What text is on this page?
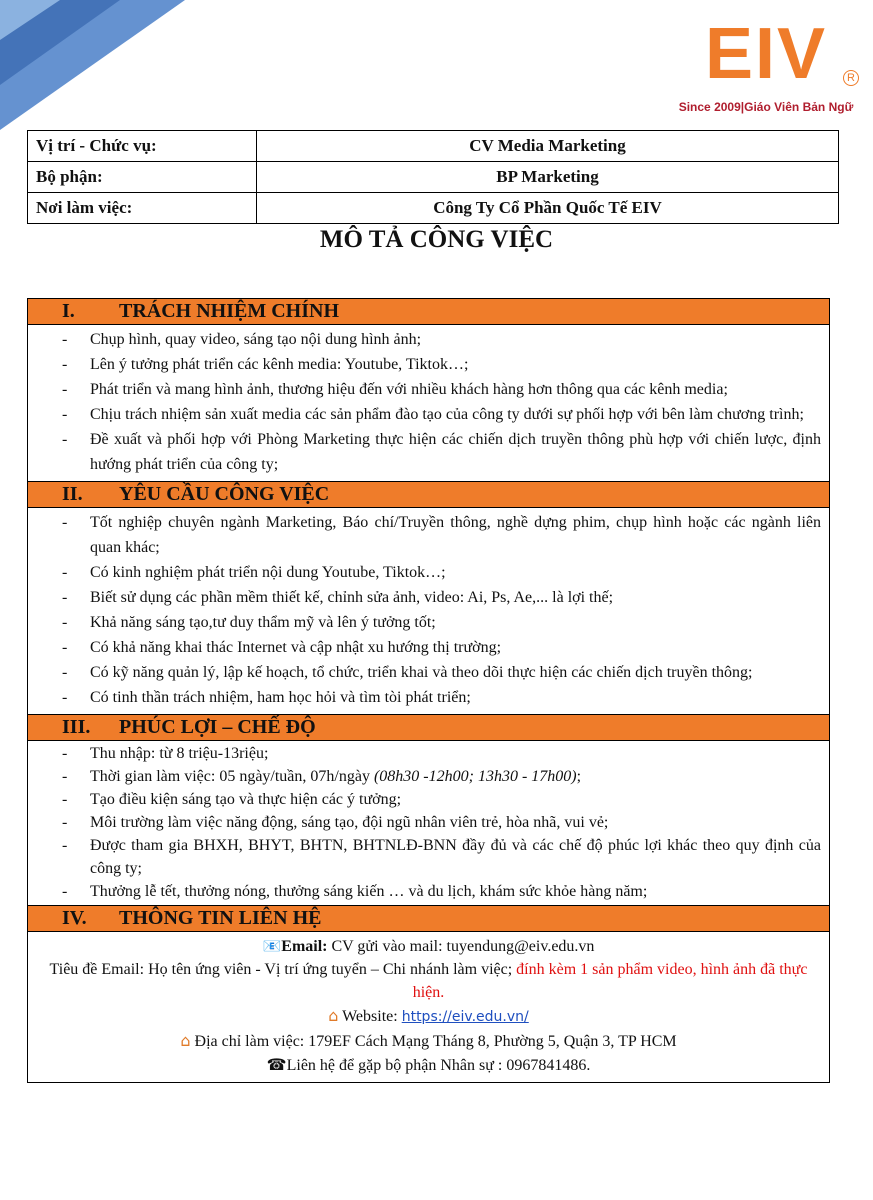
EIV	R
Since 2009|Giáo Viên Bản Ngữ
Vị trí - Chức vụ:	CV Media Marketing
Bộ phận:	BP Marketing
Nơi làm việc:	Công Ty Cổ Phần Quốc Tế EIV
MÔ TẢ CÔNG VIỆC
I. TRÁCH NHIỆM CHÍNH
- Chụp hình, quay video, sáng tạo nội dung hình ảnh;
- Lên ý tưởng phát triển các kênh media: Youtube, Tiktok…;
- Phát triển và mang hình ảnh, thương hiệu đến với nhiều khách hàng hơn thông qua các kênh media;
- Chịu trách nhiệm sản xuất media các sản phẩm đào tạo của công ty dưới sự phối hợp với bên làm chương trình;
- Đề xuất và phối hợp với Phòng Marketing thực hiện các chiến dịch truyền thông phù hợp với chiến lược, định hướng phát triển của công ty;
II. YÊU CẦU CÔNG VIỆC
- Tốt nghiệp chuyên ngành Marketing, Báo chí/Truyền thông, nghề dựng phim, chụp hình hoặc các ngành liên quan khác;
- Có kinh nghiệm phát triển nội dung Youtube, Tiktok…;
- Biết sử dụng các phần mềm thiết kế, chỉnh sửa ảnh, video: Ai, Ps, Ae,... là lợi thế;
- Khả năng sáng tạo,tư duy thẩm mỹ và lên ý tưởng tốt;
- Có khả năng khai thác Internet và cập nhật xu hướng thị trường;
- Có kỹ năng quản lý, lập kế hoạch, tổ chức, triển khai và theo dõi thực hiện các chiến dịch truyền thông;
- Có tinh thần trách nhiệm, ham học hỏi và tìm tòi phát triển;
III. PHÚC LỢI – CHẾ ĐỘ
- Thu nhập: từ 8 triệu-13riệu;
- Thời gian làm việc: 05 ngày/tuần, 07h/ngày (08h30 -12h00; 13h30 - 17h00);
- Tạo điều kiện sáng tạo và thực hiện các ý tưởng;
- Môi trường làm việc năng động, sáng tạo, đội ngũ nhân viên trẻ, hòa nhã, vui vẻ;
- Được tham gia BHXH, BHYT, BHTN, BHTNLĐ-BNN đầy đủ và các chế độ phúc lợi khác theo quy định của công ty;
- Thưởng lễ tết, thưởng nóng, thưởng sáng kiến … và du lịch, khám sức khỏe hàng năm;
IV. THÔNG TIN LIÊN HỆ
📧Email: CV gửi vào mail: tuyendung@eiv.edu.vn
Tiêu đề Email: Họ tên ứng viên - Vị trí ứng tuyển – Chi nhánh làm việc; đính kèm 1 sản phẩm video, hình ảnh đã thực hiện.
⌂ Website: https://eiv.edu.vn/
⌂ Địa chỉ làm việc: 179EF Cách Mạng Tháng 8, Phường 5, Quận 3, TP HCM
☎Liên hệ để gặp bộ phận Nhân sự : 0967841486.
